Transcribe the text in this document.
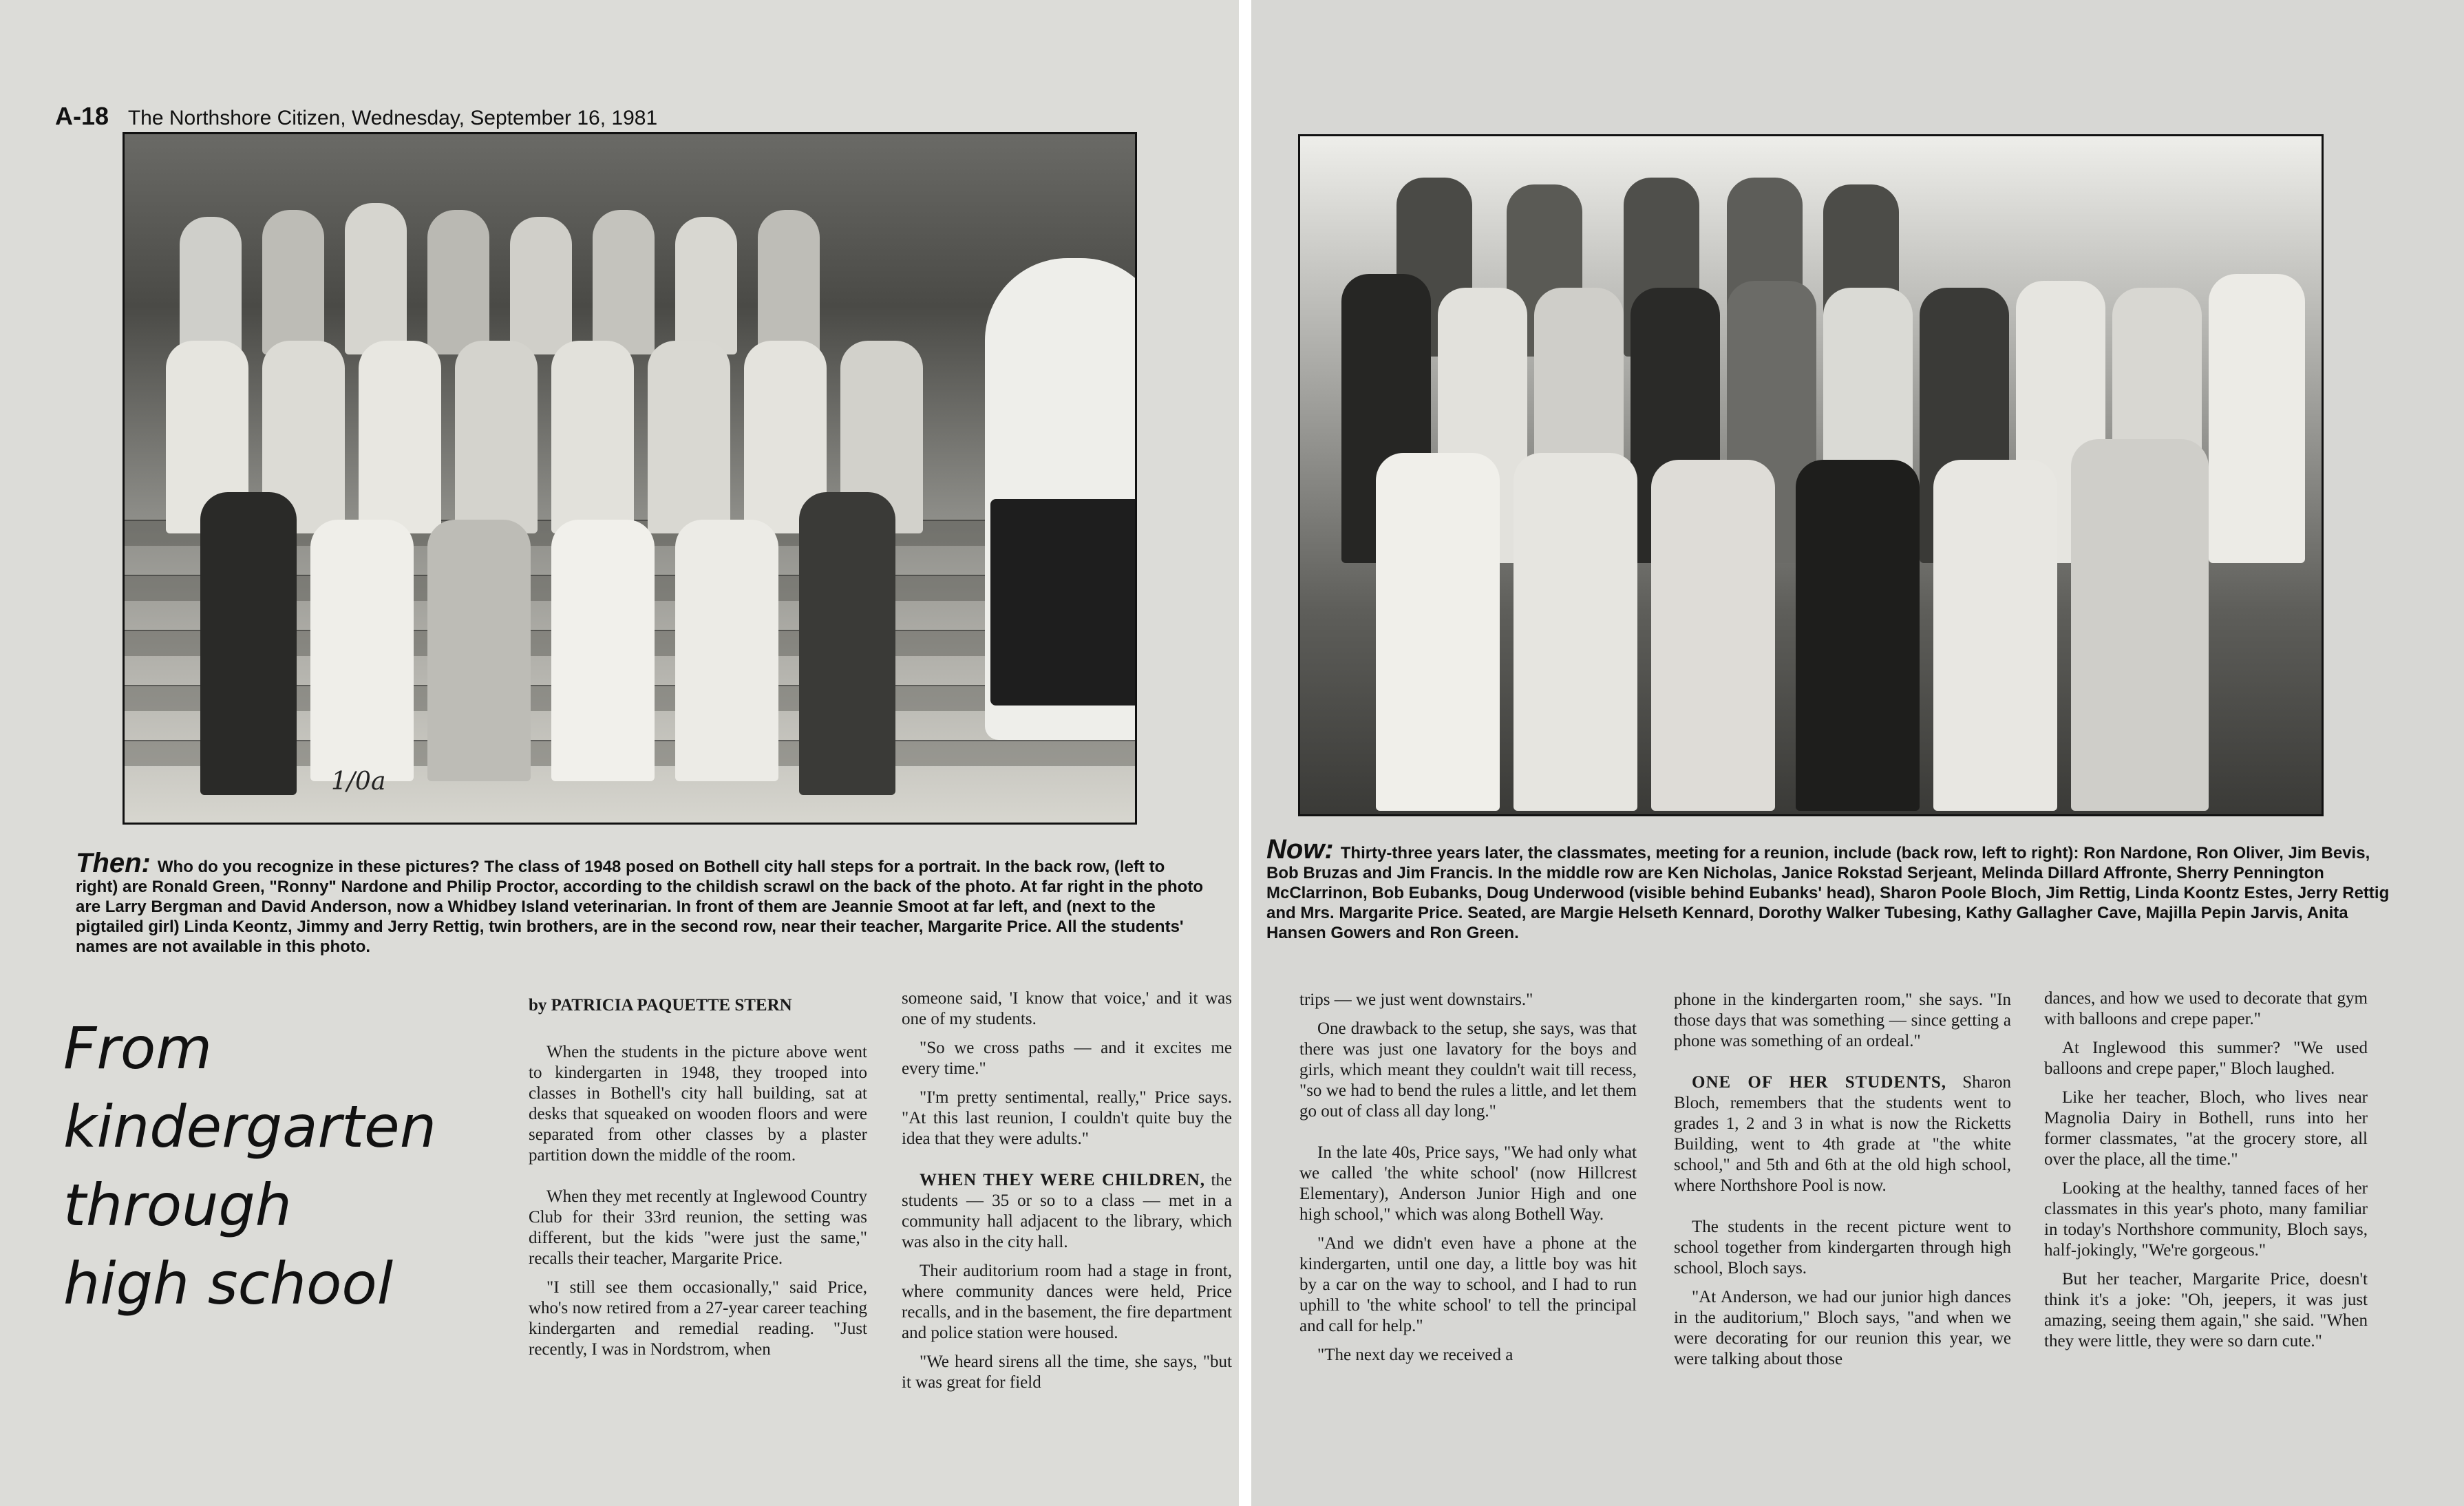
A-18 The Northshore Citizen, Wednesday, September 16, 1981
1/0a
Then: Who do you recognize in these pictures? The class of 1948 posed on Bothell city hall steps for a portrait. In the back row, (left to right) are Ronald Green, "Ronny" Nardone and Philip Proctor, according to the childish scrawl on the back of the photo. At far right in the photo are Larry Bergman and David Anderson, now a Whidbey Island veterinarian. In front of them are Jeannie Smoot at far left, and (next to the pigtailed girl) Linda Keontz, Jimmy and Jerry Rettig, twin brothers, are in the second row, near their teacher, Margarite Price. All the students' names are not available in this photo.
From
kindergarten
through
high school

by PATRICIA PAQUETTE STERN

When the students in the picture above went to kindergarten in 1948, they trooped into classes in Bothell's city hall building, sat at desks that squeaked on wooden floors and were separated from other classes by a plaster partition down the middle of the room.

When they met recently at Inglewood Country Club for their 33rd reunion, the setting was different, but the kids "were just the same," recalls their teacher, Margarite Price.

"I still see them occasionally," said Price, who's now retired from a 27-year career teaching kindergarten and remedial reading. "Just recently, I was in Nordstrom, when

someone said, 'I know that voice,' and it was one of my students.

"So we cross paths — and it excites me every time."

"I'm pretty sentimental, really," Price says. "At this last reunion, I couldn't quite buy the idea that they were adults."

WHEN THEY WERE CHILDREN, the students — 35 or so to a class — met in a community hall adjacent to the library, which was also in the city hall.

Their auditorium room had a stage in front, where community dances were held, Price recalls, and in the basement, the fire department and police station were housed.

"We heard sirens all the time, she says, "but it was great for field

Now: Thirty-three years later, the classmates, meeting for a reunion, include (back row, left to right): Ron Nardone, Ron Oliver, Jim Bevis, Bob Bruzas and Jim Francis. In the middle row are Ken Nicholas, Janice Rokstad Serjeant, Melinda Dillard Affronte, Sherry Pennington McClarrinon, Bob Eubanks, Doug Underwood (visible behind Eubanks' head), Sharon Poole Bloch, Jim Rettig, Linda Koontz Estes, Jerry Rettig and Mrs. Margarite Price. Seated, are Margie Helseth Kennard, Dorothy Walker Tubesing, Kathy Gallagher Cave, Majilla Pepin Jarvis, Anita Hansen Gowers and Ron Green.

trips — we just went downstairs."

One drawback to the setup, she says, was that there was just one lavatory for the boys and girls, which meant they couldn't wait till recess, "so we had to bend the rules a little, and let them go out of class all day long."

In the late 40s, Price says, "We had only what we called 'the white school' (now Hillcrest Elementary), Anderson Junior High and one high school," which was along Bothell Way.

"And we didn't even have a phone at the kindergarten, until one day, a little boy was hit by a car on the way to school, and I had to run uphill to 'the white school' to tell the principal and call for help."

"The next day we received a

phone in the kindergarten room," she says. "In those days that was something — since getting a phone was something of an ordeal."

ONE OF HER STUDENTS, Sharon Bloch, remembers that the students went to grades 1, 2 and 3 in what is now the Ricketts Building, went to 4th grade at "the white school," and 5th and 6th at the old high school, where Northshore Pool is now.

The students in the recent picture went to school together from kindergarten through high school, Bloch says.

"At Anderson, we had our junior high dances in the auditorium," Bloch says, "and when we were decorating for our reunion this year, we were talking about those

dances, and how we used to decorate that gym with balloons and crepe paper."

At Inglewood this summer? "We used balloons and crepe paper," Bloch laughed.

Like her teacher, Bloch, who lives near Magnolia Dairy in Bothell, runs into her former classmates, "at the grocery store, all over the place, all the time."

Looking at the healthy, tanned faces of her classmates in this year's photo, many familiar in today's Northshore community, Bloch says, half-jokingly, "We're gorgeous."

But her teacher, Margarite Price, doesn't think it's a joke: "Oh, jeepers, it was just amazing, seeing them again," she said. "When they were little, they were so darn cute."
